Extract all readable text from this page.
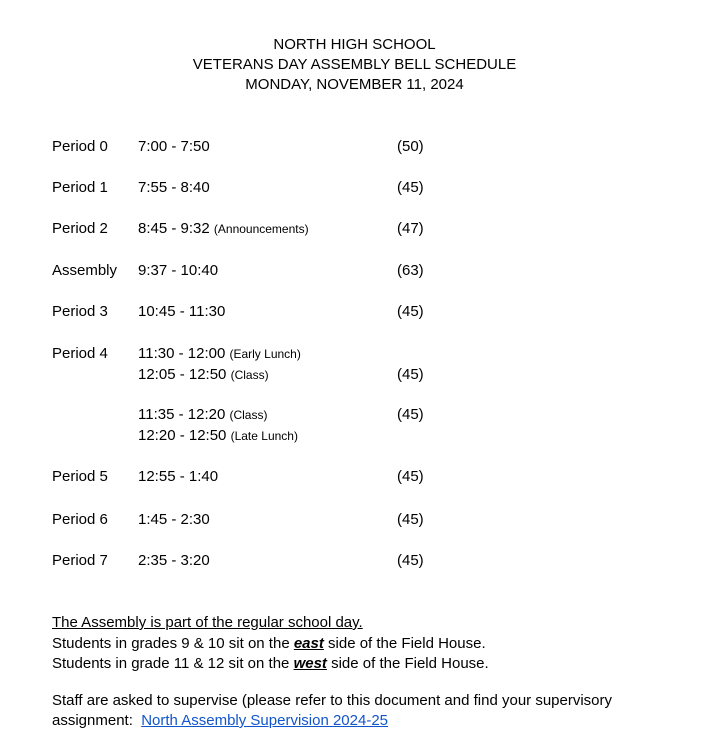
NORTH HIGH SCHOOL
VETERANS DAY ASSEMBLY BELL SCHEDULE
MONDAY, NOVEMBER 11, 2024
Period 0 7:00 - 7:50	(50)
Period 1 7:55 - 8:40	(45)
Period 2 8:45 - 9:32 (Announcements)	(47)
Assembly 9:37 - 10:40	(63)
Period 3 10:45 - 11:30	(45)
Period 4 11:30 - 12:00 (Early Lunch)
12:05 - 12:50 (Class)	(45)
11:35 - 12:20 (Class)	(45)
12:20 - 12:50 (Late Lunch)
Period 5 12:55 - 1:40	(45)
Period 6 1:45 - 2:30	(45)
Period 7 2:35 - 3:20	(45)
The Assembly is part of the regular school day.
Students in grades 9 & 10 sit on the east side of the Field House.
Students in grade 11 & 12 sit on the west side of the Field House.
Staff are asked to supervise (please refer to this document and find your supervisory
assignment:  North Assembly Supervision 2024-25
